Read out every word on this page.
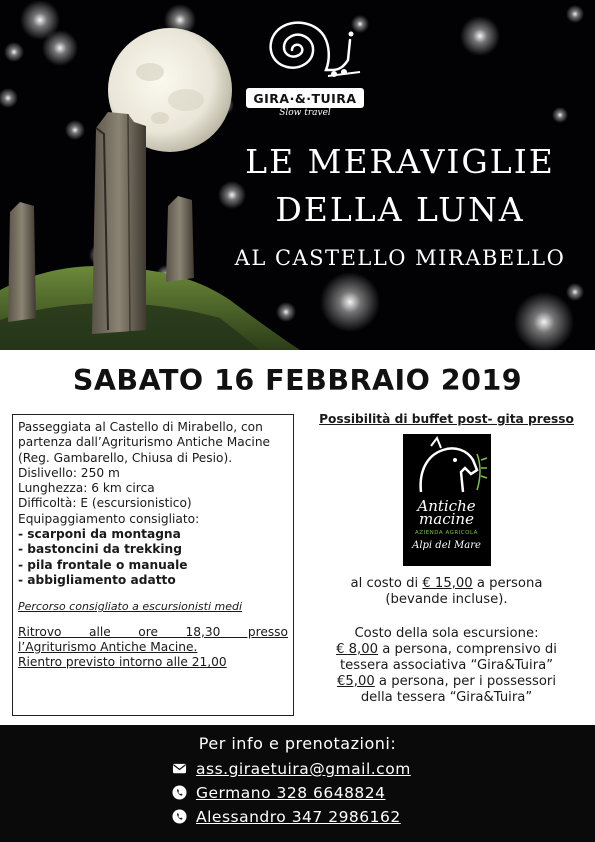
GIRA·&·TUIRA
Slow travel
LE MERAVIGLIE
DELLA LUNA
AL CASTELLO MIRABELLO
SABATO 16 FEBBRAIO 2019

Passeggiata al Castello di Mirabello, con partenza dall’Agriturismo Antiche Macine

(Reg. Gambarello, Chiusa di Pesio).

Dislivello: 250 m

Lunghezza: 6 km circa

Difficoltà: E (escursionistico)

Equipaggiamento consigliato:

- scarponi da montagna

- bastoncini da trekking

- pila frontale o manuale

- abbigliamento adatto

Percorso consigliato a escursionisti medi

Ritrovo alle ore 18,30 presso

l’Agriturismo Antiche Macine.

Rientro previsto intorno alle 21,00

Possibilità di buffet post- gita presso
Antiche
macine
AZIENDA AGRICOLA
Alpi del Mare
al costo di € 15,00 a persona
(bevande incluse).
Costo della sola escursione:
€ 8,00 a persona, comprensivo di
tessera associativa “Gira&Tuira”
€5,00 a persona, per i possessori
della tessera “Gira&Tuira”
Per info e prenotazioni:
ass.giraetuira@gmail.com
Germano 328 6648824
Alessandro 347 2986162
